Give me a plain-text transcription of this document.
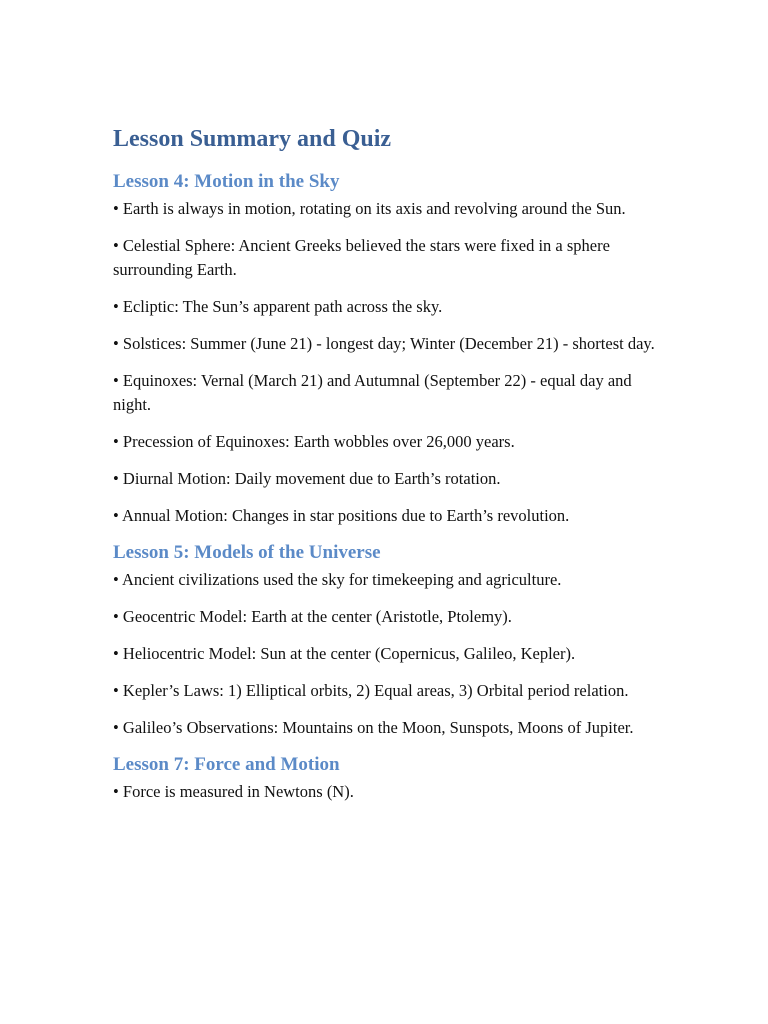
Lesson Summary and Quiz
Lesson 4: Motion in the Sky

• Earth is always in motion, rotating on its axis and revolving around the Sun.

• Celestial Sphere: Ancient Greeks believed the stars were fixed in a sphere surrounding Earth.

• Ecliptic: The Sun’s apparent path across the sky.

• Solstices: Summer (June 21) - longest day; Winter (December 21) - shortest day.

• Equinoxes: Vernal (March 21) and Autumnal (September 22) - equal day and night.

• Precession of Equinoxes: Earth wobbles over 26,000 years.

• Diurnal Motion: Daily movement due to Earth’s rotation.

• Annual Motion: Changes in star positions due to Earth’s revolution.

Lesson 5: Models of the Universe

• Ancient civilizations used the sky for timekeeping and agriculture.

• Geocentric Model: Earth at the center (Aristotle, Ptolemy).

• Heliocentric Model: Sun at the center (Copernicus, Galileo, Kepler).

• Kepler’s Laws: 1) Elliptical orbits, 2) Equal areas, 3) Orbital period relation.

• Galileo’s Observations: Mountains on the Moon, Sunspots, Moons of Jupiter.

Lesson 7: Force and Motion

• Force is measured in Newtons (N).
